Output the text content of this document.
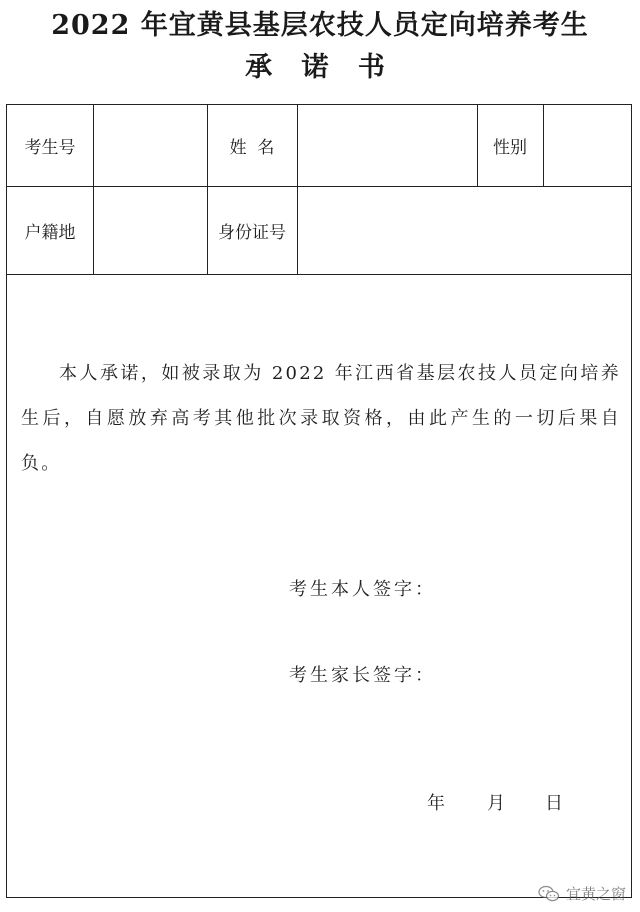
2022 年宜黄县基层农技人员定向培养考生
承 诺 书
考生号	姓  名	性别
户籍地	身份证号

本人承诺，如被录取为 2022 年江西省基层农技人员定向培养生后，自愿放弃高考其他批次录取资格，由此产生的一切后果自负。

考生本人签字：
考生家长签字：
年 月 日
宜黄之窗
